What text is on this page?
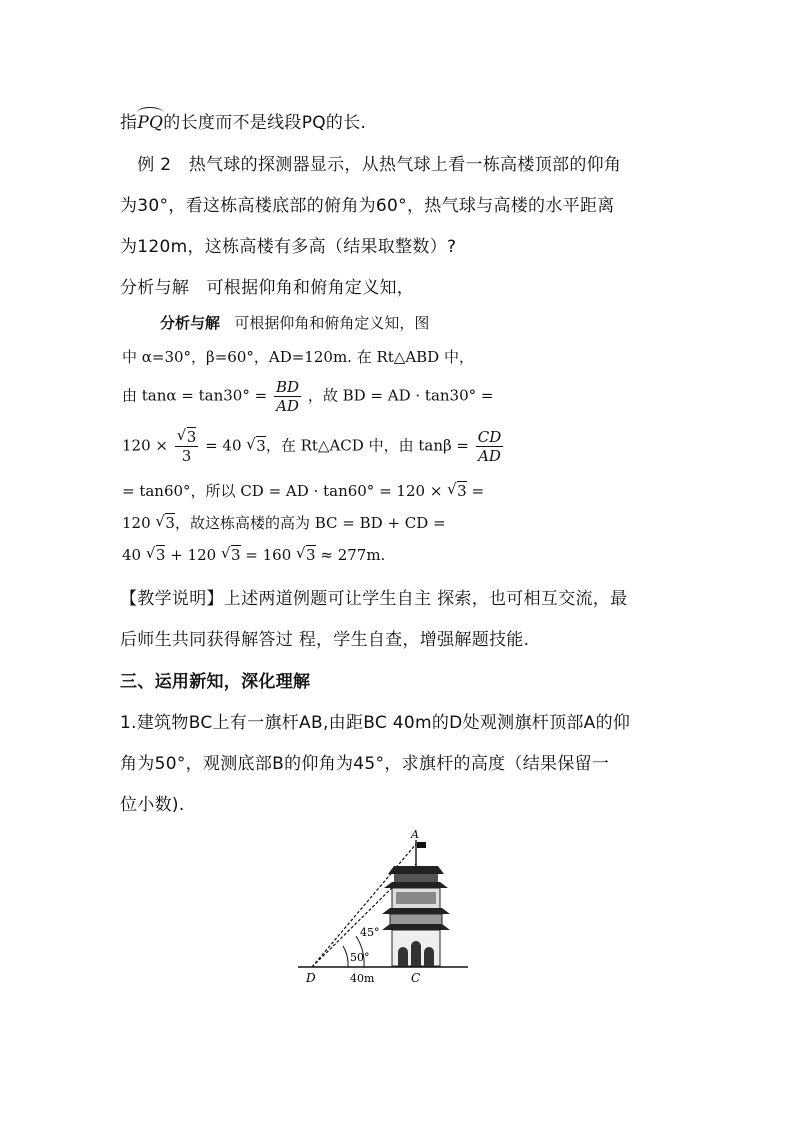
指PQ的长度而不是线段PQ的长.
　例 2　热气球的探测器显示，从热气球上看一栋高楼顶部的仰角
为30°，看这栋高楼底部的俯角为60°，热气球与高楼的水平距离
为120m，这栋高楼有多高（结果取整数）?
分析与解　可根据仰角和俯角定义知，
分析与解 可根据仰角和俯角定义知，图
中 α=30°，β=60°，AD=120m. 在 Rt△ABD 中，
由 $\tan\alpha = \tan 30^\circ = \frac{BD}{AD}$ ，故 BD = AD · tan30° =
120 × √ $\frac{3}{3} = 40$ √ 3，在 Rt△ACD 中，由 $\tan\beta = \frac{CD}{AD}$
= tan60°，所以 CD = AD · tan60° = 120 × √ 3 =
120 √ 3，故这栋高楼的高为 BC = BD + CD =
40 √ 3 + 120 √ 3 = 160 √ 3 ≈ 277m.
【教学说明】上述两道例题可让学生自主 探索，也可相互交流，最
后师生共同获得解答过 程，学生自查，增强解题技能.
三、运用新知，深化理解
1.建筑物BC上有一旗杆AB,由距BC 40m的D处观测旗杆顶部A的仰
角为50°，观测底部B的仰角为45°，求旗杆的高度（结果保留一
位小数).
A
B
45°
50°
D	40m	C
